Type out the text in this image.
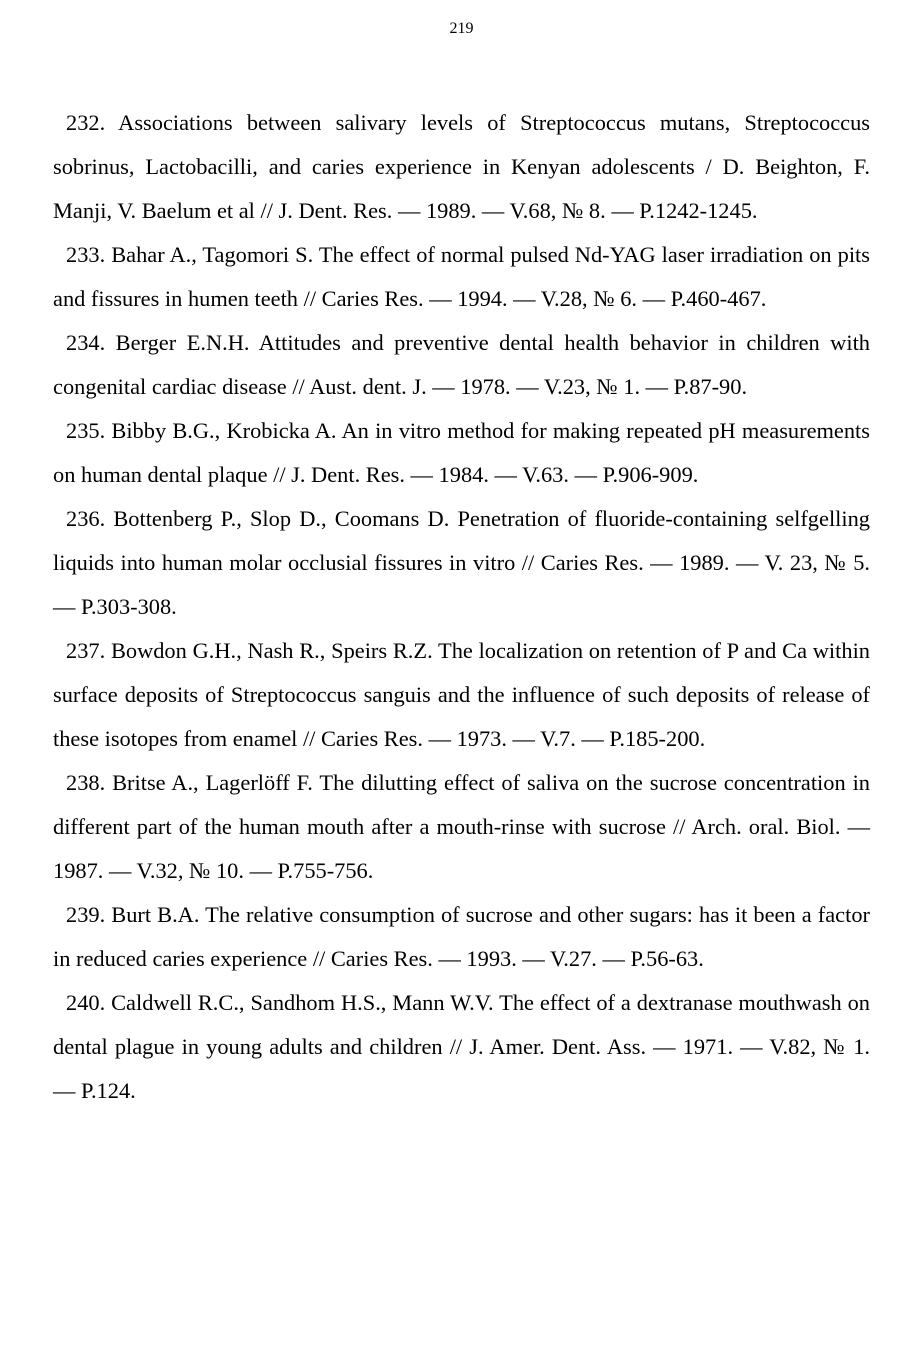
219

232. Associations between salivary levels of Streptococcus mutans, Streptococcus sobrinus, Lactobacilli, and caries experience in Kenyan adolescents / D. Beighton, F. Manji, V. Baelum et al // J. Dent. Res. — 1989. — V.68, № 8. — P.1242-1245.

233. Bahar A., Tagomori S. The effect of normal pulsed Nd-YAG laser irradiation on pits and fissures in humen teeth // Caries Res. — 1994. — V.28, № 6. — P.460-467.

234. Berger E.N.H. Attitudes and preventive dental health behavior in children with congenital cardiac disease // Aust. dent. J. — 1978. — V.23, № 1. — P.87-90.

235. Bibby B.G., Krobicka A. An in vitro method for making repeated pH measurements on human dental plaque // J. Dent. Res. — 1984. — V.63. — P.906-909.

236. Bottenberg P., Slop D., Coomans D. Penetration of fluoride-containing selfgelling liquids into human molar occlusial fissures in vitro // Caries Res. — 1989. — V. 23, № 5. — P.303-308.

237. Bowdon G.H., Nash R., Speirs R.Z. The localization on retention of P and Ca within surface deposits of Streptococcus sanguis and the influence of such deposits of release of these isotopes from enamel // Caries Res. — 1973. — V.7. — P.185-200.

238. Britse A., Lagerlöff F. The dilutting effect of saliva on the sucrose concentration in different part of the human mouth after a mouth-rinse with sucrose // Arch. oral. Biol. — 1987. — V.32, № 10. — P.755-756.

239. Burt B.A. The relative consumption of sucrose and other sugars: has it been a factor in reduced caries experience // Caries Res. — 1993. — V.27. — P.56-63.

240. Caldwell R.C., Sandhom H.S., Mann W.V. The effect of a dextranase mouthwash on dental plague in young adults and children // J. Amer. Dent. Ass. — 1971. — V.82, № 1. — P.124.
